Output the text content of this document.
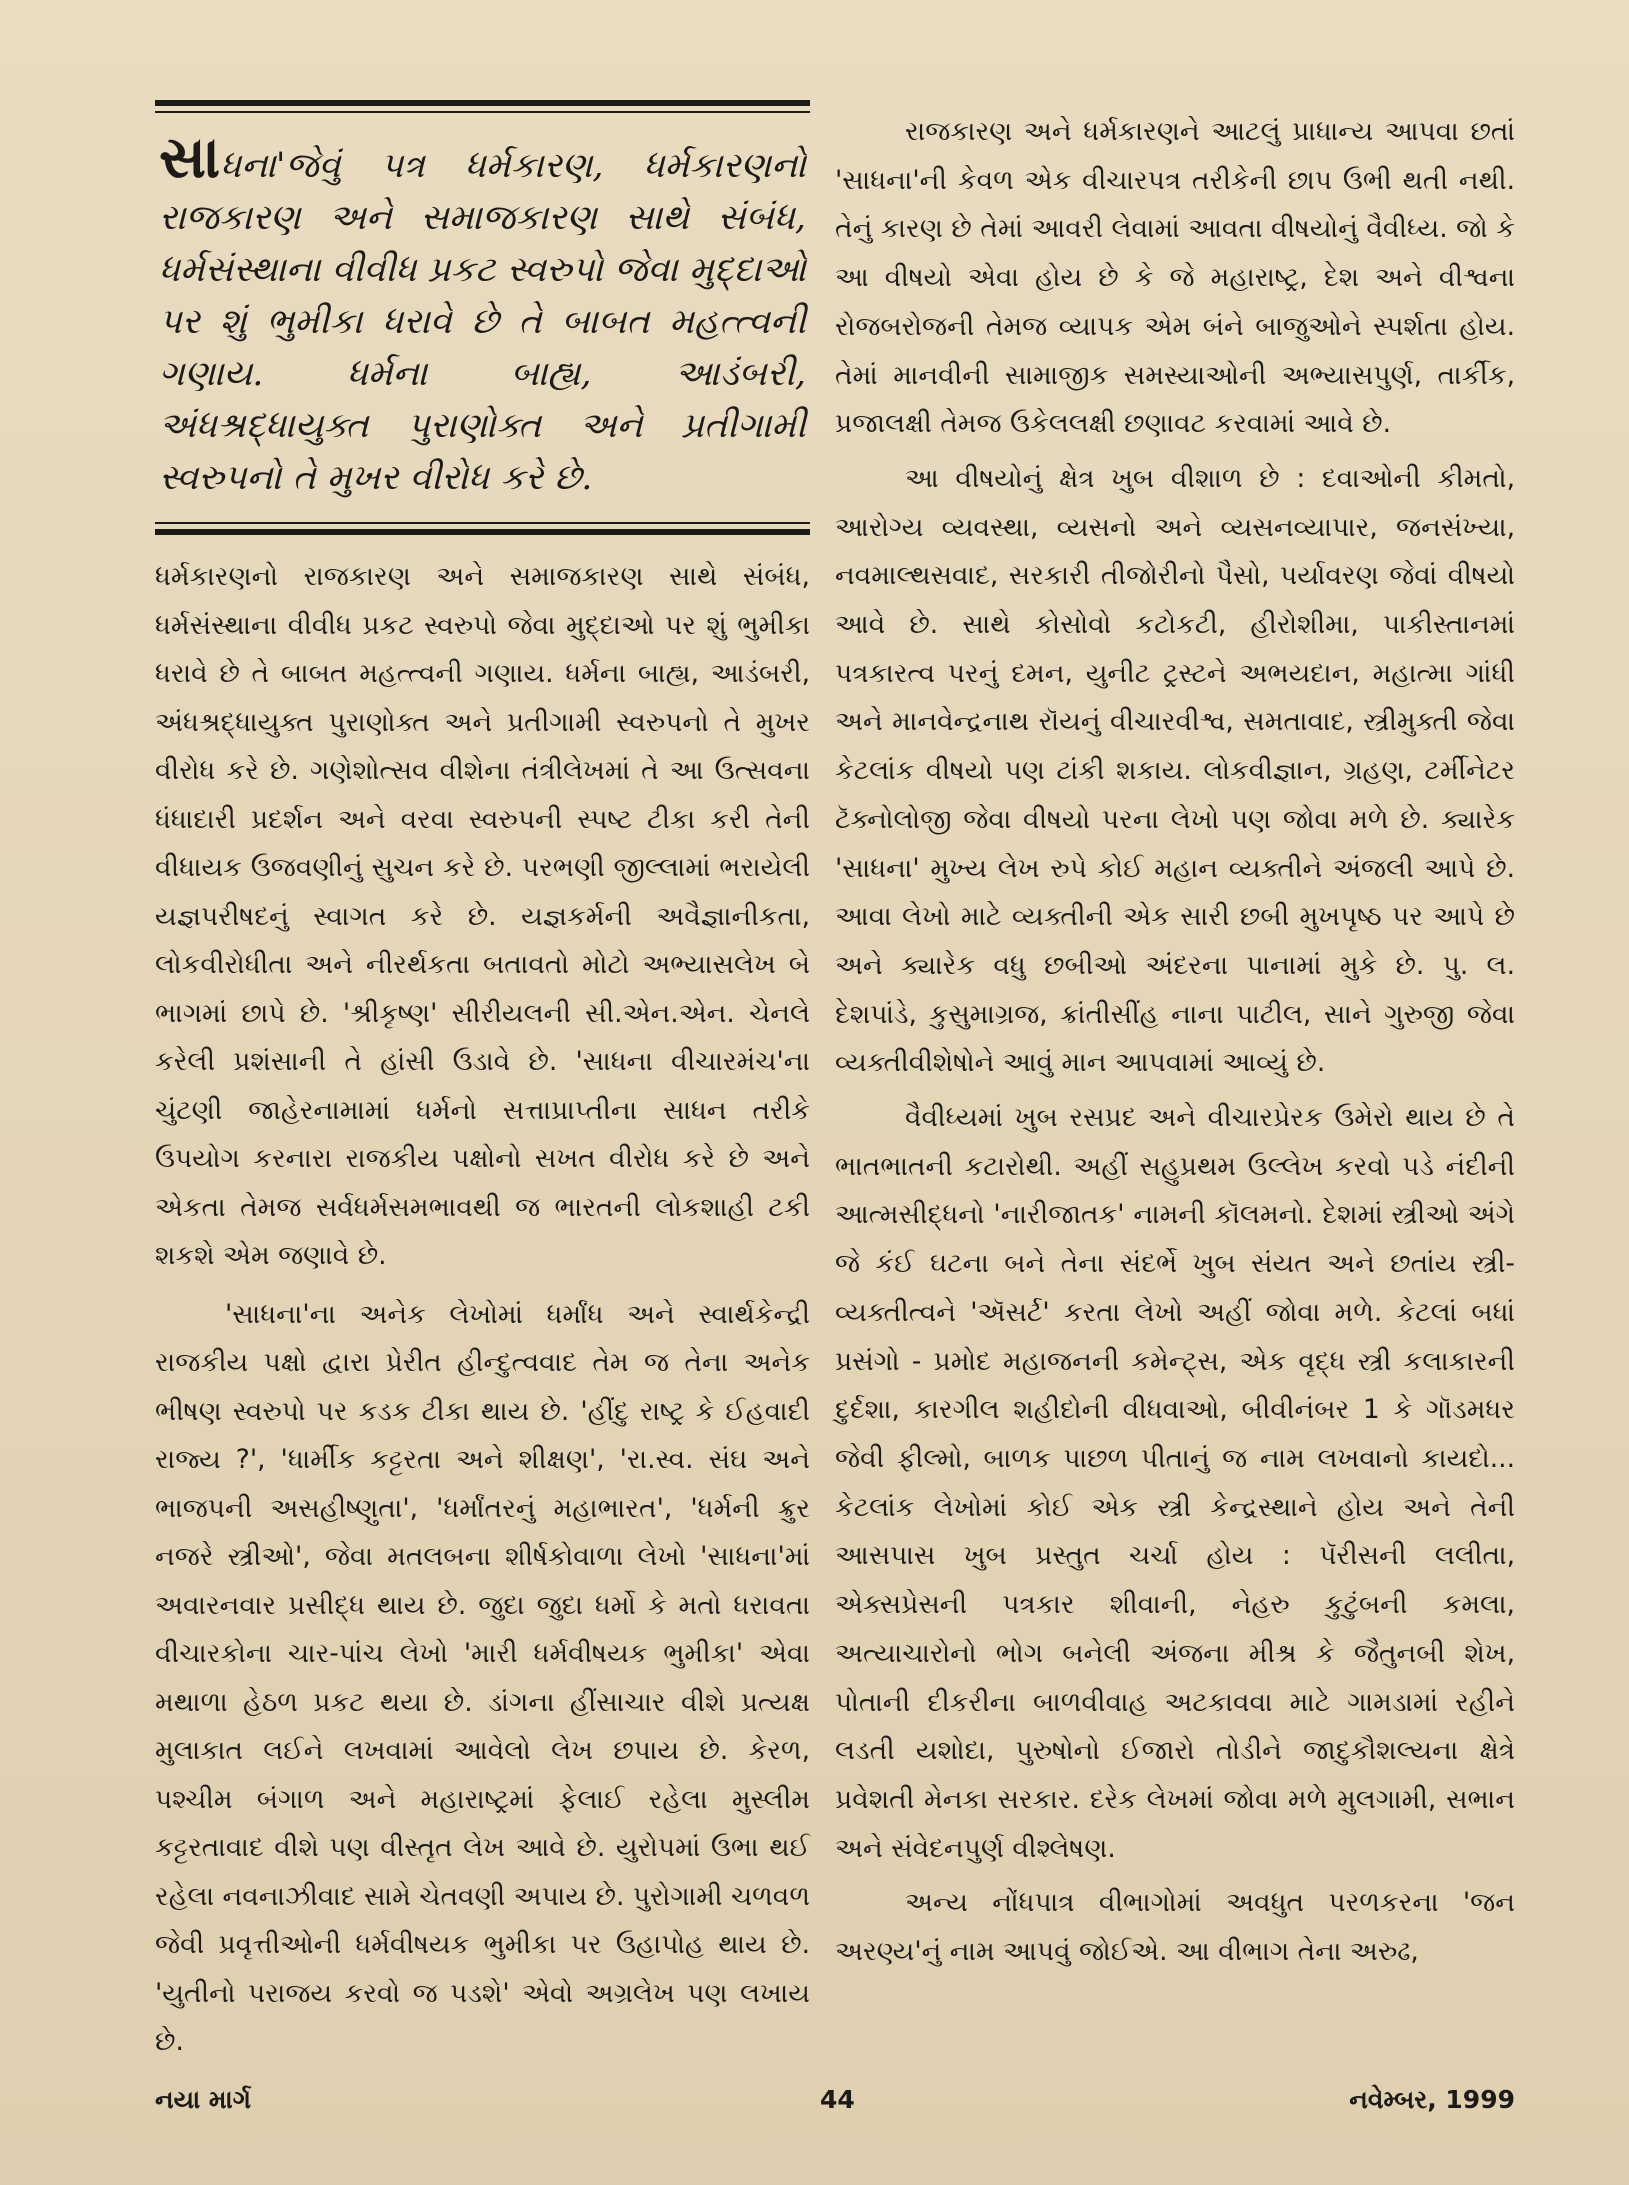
સાધના'જેવું પત્ર ધર્મકારણ, ધર્મકારણનો રાજકારણ અને સમાજકારણ સાથે સંબંધ, ધર્મસંસ્થાના વીવીધ પ્રકટ સ્વરુપો જેવા મુદ્દાઓ પર શું ભુમીકા ધરાવે છે તે બાબત મહત્ત્વની ગણાય. ધર્મના બાહ્ય, આડંબરી, અંધશ્રદ્ધાયુક્ત પુરાણોક્ત અને પ્રતીગામી સ્વરુપનો તે મુખર વીરોધ કરે છે.

ધર્મકારણનો રાજકારણ અને સમાજકારણ સાથે સંબંધ, ધર્મસંસ્થાના વીવીધ પ્રકટ સ્વરુપો જેવા મુદ્દાઓ પર શું ભુમીકા ધરાવે છે તે બાબત મહત્ત્વની ગણાય. ધર્મના બાહ્ય, આડંબરી, અંધશ્રદ્ધાયુક્ત પુરાણોક્ત અને પ્રતીગામી સ્વરુપનો તે મુખર વીરોધ કરે છે. ગણેશોત્સવ વીશેના તંત્રીલેખમાં તે આ ઉત્સવના ધંધાદારી પ્રદર્શન અને વરવા સ્વરુપની સ્પષ્ટ ટીકા કરી તેની વીધાયક ઉજવણીનું સુચન કરે છે. પરભણી જીલ્લામાં ભરાયેલી યજ્ઞપરીષદનું સ્વાગત કરે છે. યજ્ઞકર્મની અવૈજ્ઞાનીકતા, લોકવીરોધીતા અને નીરર્થકતા બતાવતો મોટો અભ્યાસલેખ બે ભાગમાં છાપે છે. 'શ્રીકૃષ્ણ' સીરીયલની સી.એન.એન. ચેનલે કરેલી પ્રશંસાની તે હાંસી ઉડાવે છે. 'સાધના વીચારમંચ'ના ચુંટણી જાહેરનામામાં ધર્મનો સત્તાપ્રાપ્તીના સાધન તરીકે ઉપયોગ કરનારા રાજકીય પક્ષોનો સખત વીરોધ કરે છે અને એકતા તેમજ સર્વધર્મસમભાવથી જ ભારતની લોકશાહી ટકી શકશે એમ જણાવે છે.

'સાધના'ના અનેક લેખોમાં ધર્માંધ અને સ્વાર્થકેન્દ્રી રાજકીય પક્ષો દ્વારા પ્રેરીત હીન્દુત્વવાદ તેમ જ તેના અનેક ભીષણ સ્વરુપો પર કડક ટીકા થાય છે. 'હીંદુ રાષ્ટ્ર કે ઈહવાદી રાજ્ય ?', 'ધાર્મીક કટ્ટરતા અને શીક્ષણ', 'રા.સ્વ. સંઘ અને ભાજપની અસહીષ્ણુતા', 'ધર્માંતરનું મહાભારત', 'ધર્મની ક્રુર નજરે સ્ત્રીઓ', જેવા મતલબના શીર્ષકોવાળા લેખો 'સાધના'માં અવારનવાર પ્રસીદ્ધ થાય છે. જુદા જુદા ધર્મો કે મતો ધરાવતા વીચારકોના ચાર-પાંચ લેખો 'મારી ધર્મવીષયક ભુમીકા' એવા મથાળા હેઠળ પ્રકટ થયા છે. ડાંગના હીંસાચાર વીશે પ્રત્યક્ષ મુલાકાત લઈને લખવામાં આવેલો લેખ છપાય છે. કેરળ, પશ્ચીમ બંગાળ અને મહારાષ્ટ્રમાં ફેલાઈ રહેલા મુસ્લીમ કટ્ટરતાવાદ વીશે પણ વીસ્તૃત લેખ આવે છે. યુરોપમાં ઉભા થઈ રહેલા નવનાઝીવાદ સામે ચેતવણી અપાય છે. પુરોગામી ચળવળ જેવી પ્રવૃત્તીઓની ધર્મવીષયક ભુમીકા પર ઉહાપોહ થાય છે. 'યુતીનો પરાજય કરવો જ પડશે' એવો અગ્રલેખ પણ લખાય છે.

રાજકારણ અને ધર્મકારણને આટલું પ્રાધાન્ય આપવા છતાં 'સાધના'ની કેવળ એક વીચારપત્ર તરીકેની છાપ ઉભી થતી નથી. તેનું કારણ છે તેમાં આવરી લેવામાં આવતા વીષયોનું વૈવીધ્ય. જો કે આ વીષયો એવા હોય છે કે જે મહારાષ્ટ્ર, દેશ અને વીશ્વના રોજબરોજની તેમજ વ્યાપક એમ બંને બાજુઓને સ્પર્શતા હોય. તેમાં માનવીની સામાજીક સમસ્યાઓની અભ્યાસપુર્ણ, તાર્કીક, પ્રજાલક્ષી તેમજ ઉકેલલક્ષી છણાવટ કરવામાં આવે છે.

આ વીષયોનું ક્ષેત્ર ખુબ વીશાળ છે : દવાઓની કીમતો, આરોગ્ય વ્યવસ્થા, વ્યસનો અને વ્યસનવ્યાપાર, જનસંખ્યા, નવમાલ્થસવાદ, સરકારી તીજોરીનો પૈસો, પર્યાવરણ જેવાં વીષયો આવે છે. સાથે કોસોવો કટોકટી, હીરોશીમા, પાકીસ્તાનમાં પત્રકારત્વ પરનું દમન, યુનીટ ટ્રસ્ટને અભયદાન, મહાત્મા ગાંધી અને માનવેન્દ્રનાથ રૉયનું વીચારવીશ્વ, સમતાવાદ, સ્ત્રીમુક્તી જેવા કેટલાંક વીષયો પણ ટાંકી શકાય. લોકવીજ્ઞાન, ગ્રહણ, ટર્મીનેટર ટૅક્નોલોજી જેવા વીષયો પરના લેખો પણ જોવા મળે છે. ક્યારેક 'સાધના' મુખ્ય લેખ રુપે કોઈ મહાન વ્યક્તીને અંજલી આપે છે. આવા લેખો માટે વ્યક્તીની એક સારી છબી મુખપૃષ્ઠ પર આપે છે અને ક્યારેક વધુ છબીઓ અંદરના પાનામાં મુકે છે. પુ. લ. દેશપાંડે, કુસુમાગ્રજ, ક્રાંતીસીંહ નાના પાટીલ, સાને ગુરુજી જેવા વ્યક્તીવીશેષોને આવું માન આપવામાં આવ્યું છે.

વૈવીધ્યમાં ખુબ રસપ્રદ અને વીચારપ્રેરક ઉમેરો થાય છે તે ભાતભાતની કટારોથી. અહીં સહુપ્રથમ ઉલ્લેખ કરવો પડે નંદીની આત્મસીદ્ધનો 'નારીજાતક' નામની કૉલમનો. દેશમાં સ્ત્રીઓ અંગે જે કંઈ ઘટના બને તેના સંદર્ભે ખુબ સંયત અને છતાંય સ્ત્રી-વ્યક્તીત્વને 'ઍસર્ટ' કરતા લેખો અહીં જોવા મળે. કેટલાં બધાં પ્રસંગો - પ્રમોદ મહાજનની કમેન્ટ્સ, એક વૃદ્ધ સ્ત્રી કલાકારની દુર્દશા, કારગીલ શહીદોની વીધવાઓ, બીવીનંબર 1 કે ગૉડમધર જેવી ફીલ્મો, બાળક પાછળ પીતાનું જ નામ લખવાનો કાયદો... કેટલાંક લેખોમાં કોઈ એક સ્ત્રી કેન્દ્રસ્થાને હોય અને તેની આસપાસ ખુબ પ્રસ્તુત ચર્ચા હોય : પૅરીસની લલીતા, એક્સપ્રેસની પત્રકાર શીવાની, નેહરુ કુટુંબની કમલા, અત્યાચારોનો ભોગ બનેલી અંજના મીશ્ર કે જૈતુનબી શેખ, પોતાની દીકરીના બાળવીવાહ અટકાવવા માટે ગામડામાં રહીને લડતી યશોદા, પુરુષોનો ઈજારો તોડીને જાદુકૌશલ્યના ક્ષેત્રે પ્રવેશતી મેનકા સરકાર. દરેક લેખમાં જોવા મળે મુલગામી, સભાન અને સંવેદનપુર્ણ વીશ્લેષણ.

અન્ય નોંધપાત્ર વીભાગોમાં અવધુત પરળકરના 'જન અરણ્ય'નું નામ આપવું જોઈએ. આ વીભાગ તેના અરુઢ,

નયા માર્ગ	44	નવેમ્બર, 1999
